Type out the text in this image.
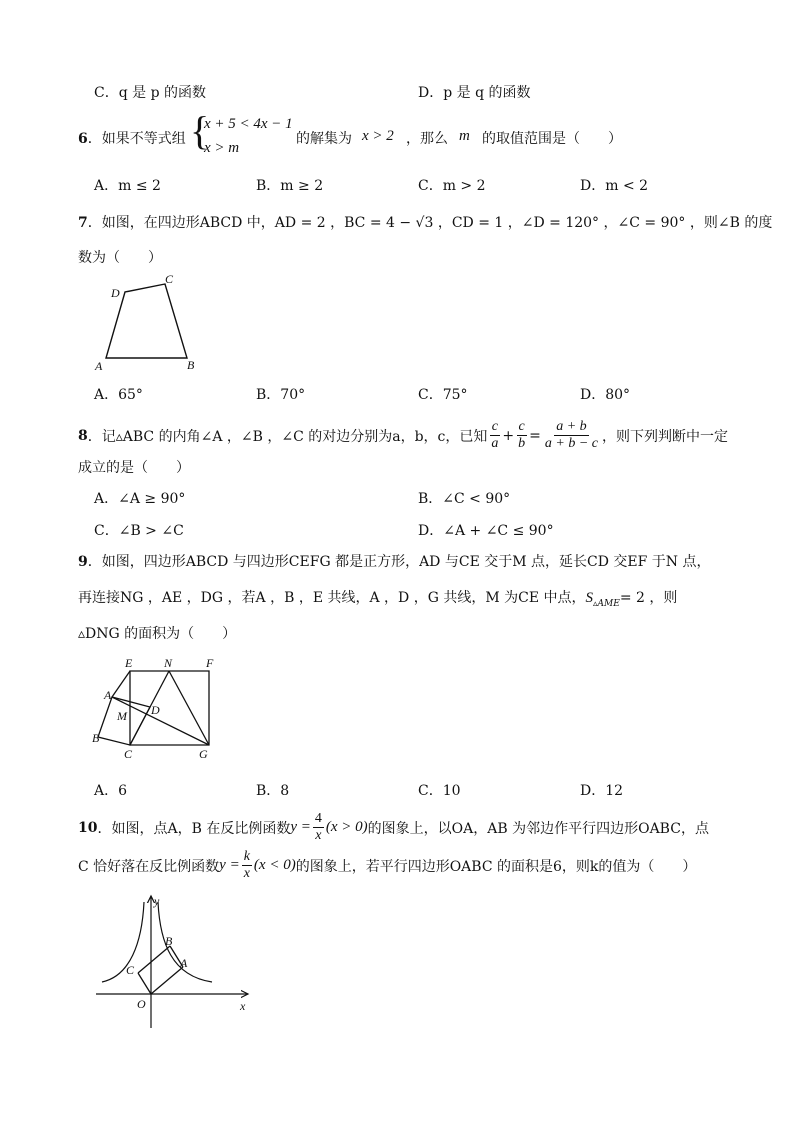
C．q 是 p 的函数	D．p 是 q 的函数
6．如果不等式组 {
x + 5 < 4x − 1
x > m
的解集为 x > 2 ，那么 m 的取值范围是（　　）
A．m ≤ 2	B．m ≥ 2	C．m > 2	D．m < 2
7．如图，在四边形ABCD 中，AD = 2 ，BC = 4 − √3 ，CD = 1 ，∠D = 120° ，∠C = 90° ，则∠B 的度
数为（　　）
A	B
C
D
A．65°	B．70°	C．75°	D．80°
8 ．记 ▵ABC 的内角∠A ，∠B ，∠C 的对边分别为a，b，c，已知 $\frac{c}{a} + \frac{c}{b} = \frac{a + b}{a + b - c}$ ，则下列判断中一定
成立的是（　　）
A．∠A ≥ 90°	B．∠C < 90°
C．∠B > ∠C	D．∠A + ∠C ≤ 90°
9．如图，四边形ABCD 与四边形CEFG 都是正方形，AD 与CE 交于M 点，延长CD 交EF 于N 点，
再连接NG ，AE ，DG ，若A ，B ，E 共线，A ，D ，G 共线，M 为CE 中点，$S_{▵AME}= 2$ ，则
▵DNG 的面积为（　　）
E	N	F
A
M D
B
C	G
A．6	B．8	C．10	D．12
10 ．如图，点A，B 在反比例函数 $y = \frac{4}{x} (x > 0)$ 的图象上，以OA，AB 为邻边作平行四边形OABC，点
C 恰好落在反比例函数 $y = \frac{k}{x} (x < 0)$ 的图象上，若平行四边形OABC 的面积是6，则k的值为（　　）
y
x
O
A
B
C
